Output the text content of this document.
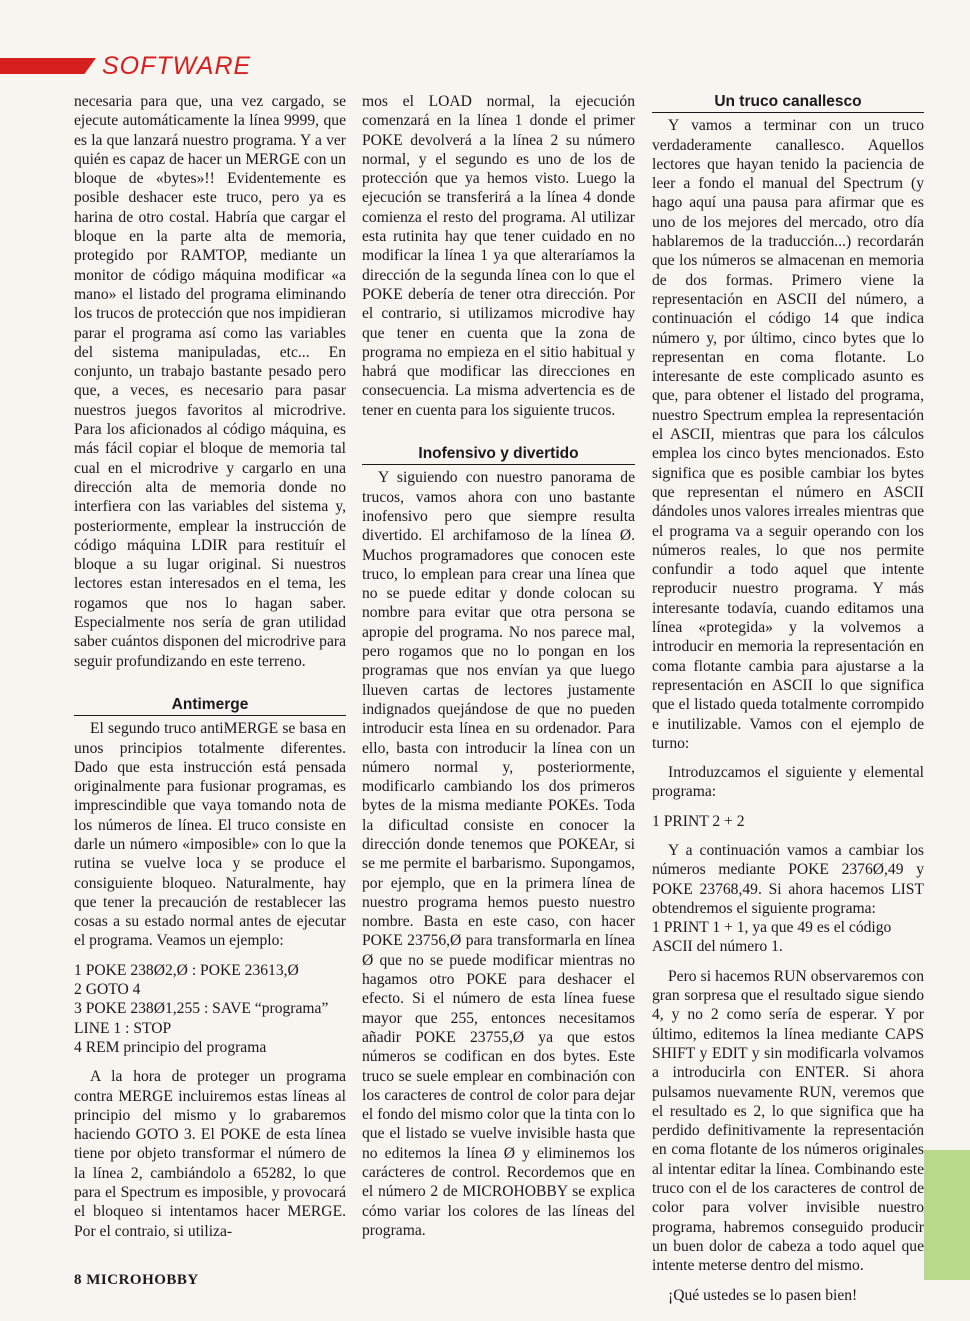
SOFTWARE

necesaria para que, una vez cargado, se ejecute automáticamente la línea 9999, que es la que lanzará nuestro programa. Y a ver quién es capaz de hacer un MERGE con un bloque de «bytes»!! Evidentemente es posible deshacer este truco, pero ya es harina de otro costal. Habría que cargar el bloque en la parte alta de memoria, protegido por RAMTOP, mediante un monitor de código máquina modificar «a mano» el listado del programa eliminando los trucos de protección que nos impidieran parar el programa así como las variables del sistema manipuladas, etc... En conjunto, un trabajo bastante pesado pero que, a veces, es necesario para pasar nuestros juegos favoritos al microdrive. Para los aficionados al código máquina, es más fácil copiar el bloque de memoria tal cual en el microdrive y cargarlo en una dirección alta de memoria donde no interfiera con las variables del sistema y, posteriormente, emplear la instrucción de código máquina LDIR para restituír el bloque a su lugar original. Si nuestros lectores estan interesados en el tema, les rogamos que nos lo hagan saber. Especialmente nos sería de gran utilidad saber cuántos disponen del microdrive para seguir profundizando en este terreno.

Antimerge

El segundo truco antiMERGE se basa en unos principios totalmente diferentes. Dado que esta instrucción está pensada originalmente para fusionar programas, es imprescindible que vaya tomando nota de los números de línea. El truco consiste en darle un número «imposible» con lo que la rutina se vuelve loca y se produce el consiguiente bloqueo. Naturalmente, hay que tener la precaución de restablecer las cosas a su estado normal antes de ejecutar el programa. Veamos un ejemplo:

1 POKE 238Ø2,Ø : POKE 23613,Ø

2 GOTO 4

3 POKE 238Ø1,255 : SAVE “programa” LINE 1 : STOP

4 REM principio del programa

A la hora de proteger un programa contra MERGE incluiremos estas líneas al principio del mismo y lo grabaremos haciendo GOTO 3. El POKE de esta línea tiene por objeto transformar el número de la línea 2, cambiándolo a 65282, lo que para el Spectrum es imposible, y provocará el bloqueo si intentamos hacer MERGE. Por el contraio, si utiliza-

mos el LOAD normal, la ejecución comenzará en la línea 1 donde el primer POKE devolverá a la línea 2 su número normal, y el segundo es uno de los de protección que ya hemos visto. Luego la ejecución se transferirá a la línea 4 donde comienza el resto del programa. Al utilizar esta rutinita hay que tener cuidado en no modificar la línea 1 ya que alteraríamos la dirección de la segunda línea con lo que el POKE debería de tener otra dirección. Por el contrario, si utilizamos microdive hay que tener en cuenta que la zona de programa no empieza en el sitio habitual y habrá que modificar las direcciones en consecuencia. La misma advertencia es de tener en cuenta para los siguiente trucos.

Inofensivo y divertido

Y siguiendo con nuestro panorama de trucos, vamos ahora con uno bastante inofensivo pero que siempre resulta divertido. El archifamoso de la línea Ø. Muchos programadores que conocen este truco, lo emplean para crear una línea que no se puede editar y donde colocan su nombre para evitar que otra persona se apropie del programa. No nos parece mal, pero rogamos que no lo pongan en los programas que nos envían ya que luego llueven cartas de lectores justamente indignados quejándose de que no pueden introducir esta línea en su ordenador. Para ello, basta con introducir la línea con un número normal y, posteriormente, modificarlo cambiando los dos primeros bytes de la misma mediante POKEs. Toda la dificultad consiste en conocer la dirección donde tenemos que POKEAr, si se me permite el barbarismo. Supongamos, por ejemplo, que en la primera línea de nuestro programa hemos puesto nuestro nombre. Basta en este caso, con hacer POKE 23756,Ø para transformarla en línea Ø que no se puede modificar mientras no hagamos otro POKE para deshacer el efecto. Si el número de esta línea fuese mayor que 255, entonces necesitamos añadir POKE 23755,Ø ya que estos números se codifican en dos bytes. Este truco se suele emplear en combinación con los caracteres de control de color para dejar el fondo del mismo color que la tinta con lo que el listado se vuelve invisible hasta que no editemos la línea Ø y eliminemos los carácteres de control. Recordemos que en el número 2 de MICROHOBBY se explica cómo variar los colores de las líneas del programa.

Un truco canallesco

Y vamos a terminar con un truco verdaderamente canallesco. Aquellos lectores que hayan tenido la paciencia de leer a fondo el manual del Spectrum (y hago aquí una pausa para afirmar que es uno de los mejores del mercado, otro día hablaremos de la traducción...) recordarán que los números se almacenan en memoria de dos formas. Primero viene la representación en ASCII del número, a continuación el código 14 que indica número y, por último, cinco bytes que lo representan en coma flotante. Lo interesante de este complicado asunto es que, para obtener el listado del programa, nuestro Spectrum emplea la representación el ASCII, mientras que para los cálculos emplea los cinco bytes mencionados. Esto significa que es posible cambiar los bytes que representan el número en ASCII dándoles unos valores irreales mientras que el programa va a seguir operando con los números reales, lo que nos permite confundir a todo aquel que intente reproducir nuestro programa. Y más interesante todavía, cuando editamos una línea «protegida» y la volvemos a introducir en memoria la representación en coma flotante cambia para ajustarse a la representación en ASCII lo que significa que el listado queda totalmente corrompido e inutilizable. Vamos con el ejemplo de turno:

Introduzcamos el siguiente y elemental programa:

1 PRINT 2 + 2

Y a continuación vamos a cambiar los números mediante POKE 2376Ø,49 y POKE 23768,49. Si ahora hacemos LIST obtendremos el siguiente programa:

1 PRINT 1 + 1, ya que 49 es el código ASCII del número 1.

Pero si hacemos RUN observaremos con gran sorpresa que el resultado sigue siendo 4, y no 2 como sería de esperar. Y por último, editemos la línea mediante CAPS SHIFT y EDIT y sin modificarla volvamos a introducirla con ENTER. Si ahora pulsamos nuevamente RUN, veremos que el resultado es 2, lo que significa que ha perdido definitivamente la representación en coma flotante de los números originales al intentar editar la línea. Combinando este truco con el de los caracteres de control de color para volver invisible nuestro programa, habremos conseguido producir un buen dolor de cabeza a todo aquel que intente meterse dentro del mismo.

¡Qué ustedes se lo pasen bien!

8 MICROHOBBY
